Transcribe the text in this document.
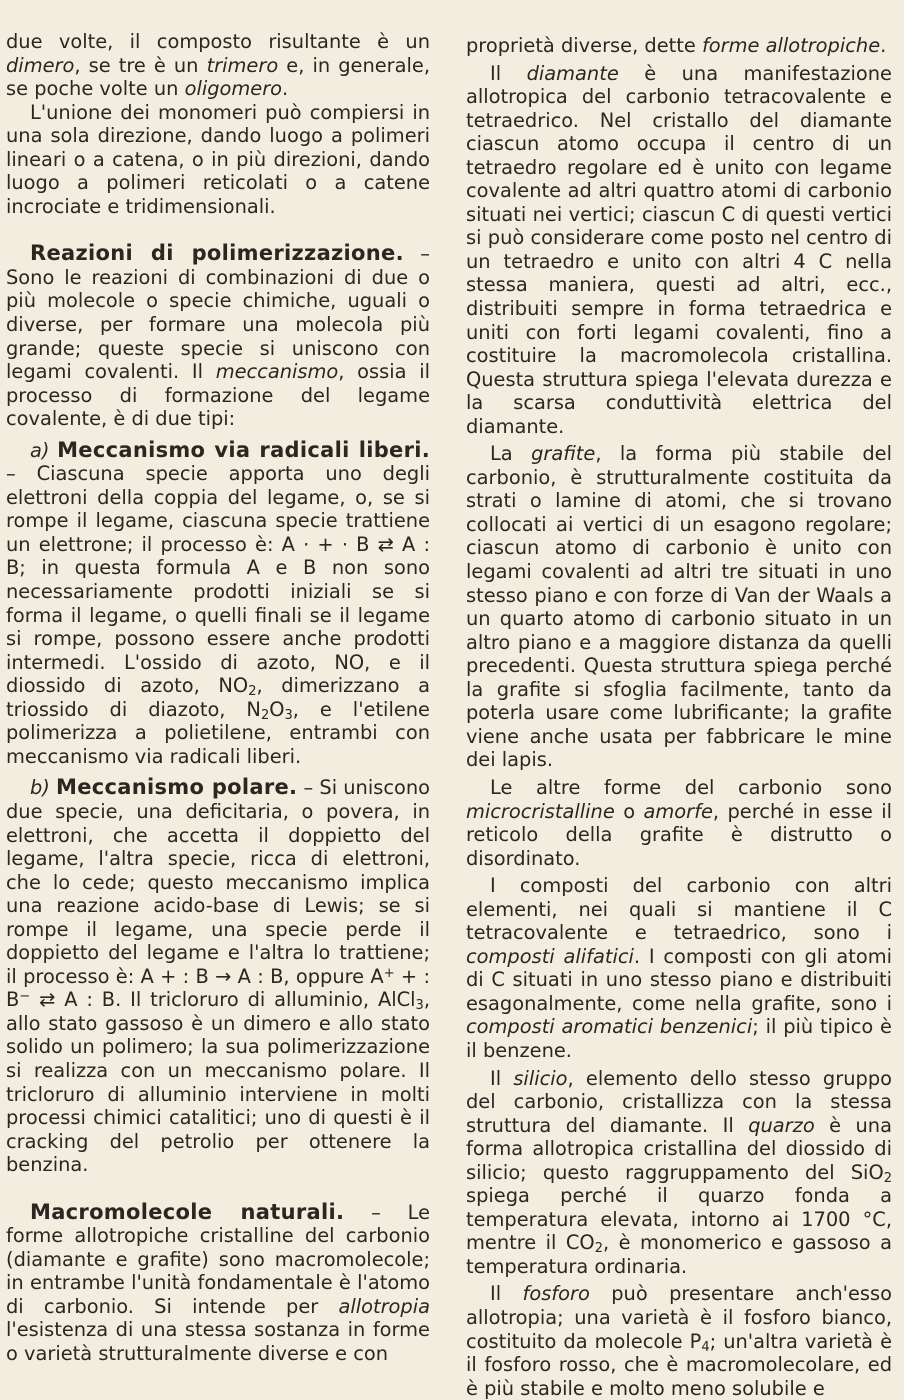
due volte, il composto risultante è un dimero, se tre è un trimero e, in generale, se poche volte un oligomero.

L'unione dei monomeri può compiersi in una sola direzione, dando luogo a polimeri lineari o a catena, o in più direzioni, dando luogo a polimeri reticolati o a catene incrociate e tridimensionali.

Reazioni di polimerizzazione. – Sono le reazioni di combinazioni di due o più molecole o specie chimiche, uguali o diverse, per formare una molecola più grande; queste specie si uniscono con legami covalenti. Il meccanismo, ossia il processo di formazione del legame covalente, è di due tipi:

a) Meccanismo via radicali liberi. – Ciascuna specie apporta uno degli elettroni della coppia del legame, o, se si rompe il legame, ciascuna specie trattiene un elettrone; il processo è: A · + · B ⇄ A : B; in questa formula A e B non sono necessariamente prodotti iniziali se si forma il legame, o quelli finali se il legame si rompe, possono essere anche prodotti intermedi. L'ossido di azoto, NO, e il diossido di azoto, $NO_2$, dimerizzano a triossido di diazoto, $N_2O_3$, e l'etilene polimerizza a polietilene, entrambi con meccanismo via radicali liberi.

b) Meccanismo polare. – Si uniscono due specie, una deficitaria, o povera, in elettroni, che accetta il doppietto del legame, l'altra specie, ricca di elettroni, che lo cede; questo meccanismo implica una reazione acido-base di Lewis; se si rompe il legame, una specie perde il doppietto del legame e l'altra lo trattiene; il processo è: A + : B → A : B, oppure A+ + : B− ⇄ A : B. Il tricloruro di alluminio, AlCl$_3$, allo stato gassoso è un dimero e allo stato solido un polimero; la sua polimerizzazione si realizza con un meccanismo polare. Il tricloruro di alluminio interviene in molti processi chimici catalitici; uno di questi è il cracking del petrolio per ottenere la benzina.

Macromolecole naturali. – Le forme allotropiche cristalline del carbonio (diamante e grafite) sono macromolecole; in entrambe l'unità fondamentale è l'atomo di carbonio. Si intende per allotropia l'esistenza di una stessa sostanza in forme o varietà strutturalmente diverse e con

proprietà diverse, dette forme allotropiche.

Il diamante è una manifestazione allotropica del carbonio tetracovalente e tetraedrico. Nel cristallo del diamante ciascun atomo occupa il centro di un tetraedro regolare ed è unito con legame covalente ad altri quattro atomi di carbonio situati nei vertici; ciascun C di questi vertici si può considerare come posto nel centro di un tetraedro e unito con altri 4 C nella stessa maniera, questi ad altri, ecc., distribuiti sempre in forma tetraedrica e uniti con forti legami covalenti, fino a costituire la macromolecola cristallina. Questa struttura spiega l'elevata durezza e la scarsa conduttività elettrica del diamante.

La grafite, la forma più stabile del carbonio, è strutturalmente costituita da strati o lamine di atomi, che si trovano collocati ai vertici di un esagono regolare; ciascun atomo di carbonio è unito con legami covalenti ad altri tre situati in uno stesso piano e con forze di Van der Waals a un quarto atomo di carbonio situato in un altro piano e a maggiore distanza da quelli precedenti. Questa struttura spiega perché la grafite si sfoglia facilmente, tanto da poterla usare come lubrificante; la grafite viene anche usata per fabbricare le mine dei lapis.

Le altre forme del carbonio sono microcristalline o amorfe, perché in esse il reticolo della grafite è distrutto o disordinato.

I composti del carbonio con altri elementi, nei quali si mantiene il C tetracovalente e tetraedrico, sono i composti alifatici. I composti con gli atomi di C situati in uno stesso piano e distribuiti esagonalmente, come nella grafite, sono i composti aromatici benzenici; il più tipico è il benzene.

Il silicio, elemento dello stesso gruppo del carbonio, cristallizza con la stessa struttura del diamante. Il quarzo è una forma allotropica cristallina del diossido di silicio; questo raggruppamento del SiO$_2$ spiega perché il quarzo fonda a temperatura elevata, intorno ai 1700 °C, mentre il $CO_2$, è monomerico e gassoso a temperatura ordinaria.

Il fosforo può presentare anch'esso allotropia; una varietà è il fosforo bianco, costituito da molecole $P_4$; un'altra varietà è il fosforo rosso, che è macromolecolare, ed è più stabile e molto meno solubile e
